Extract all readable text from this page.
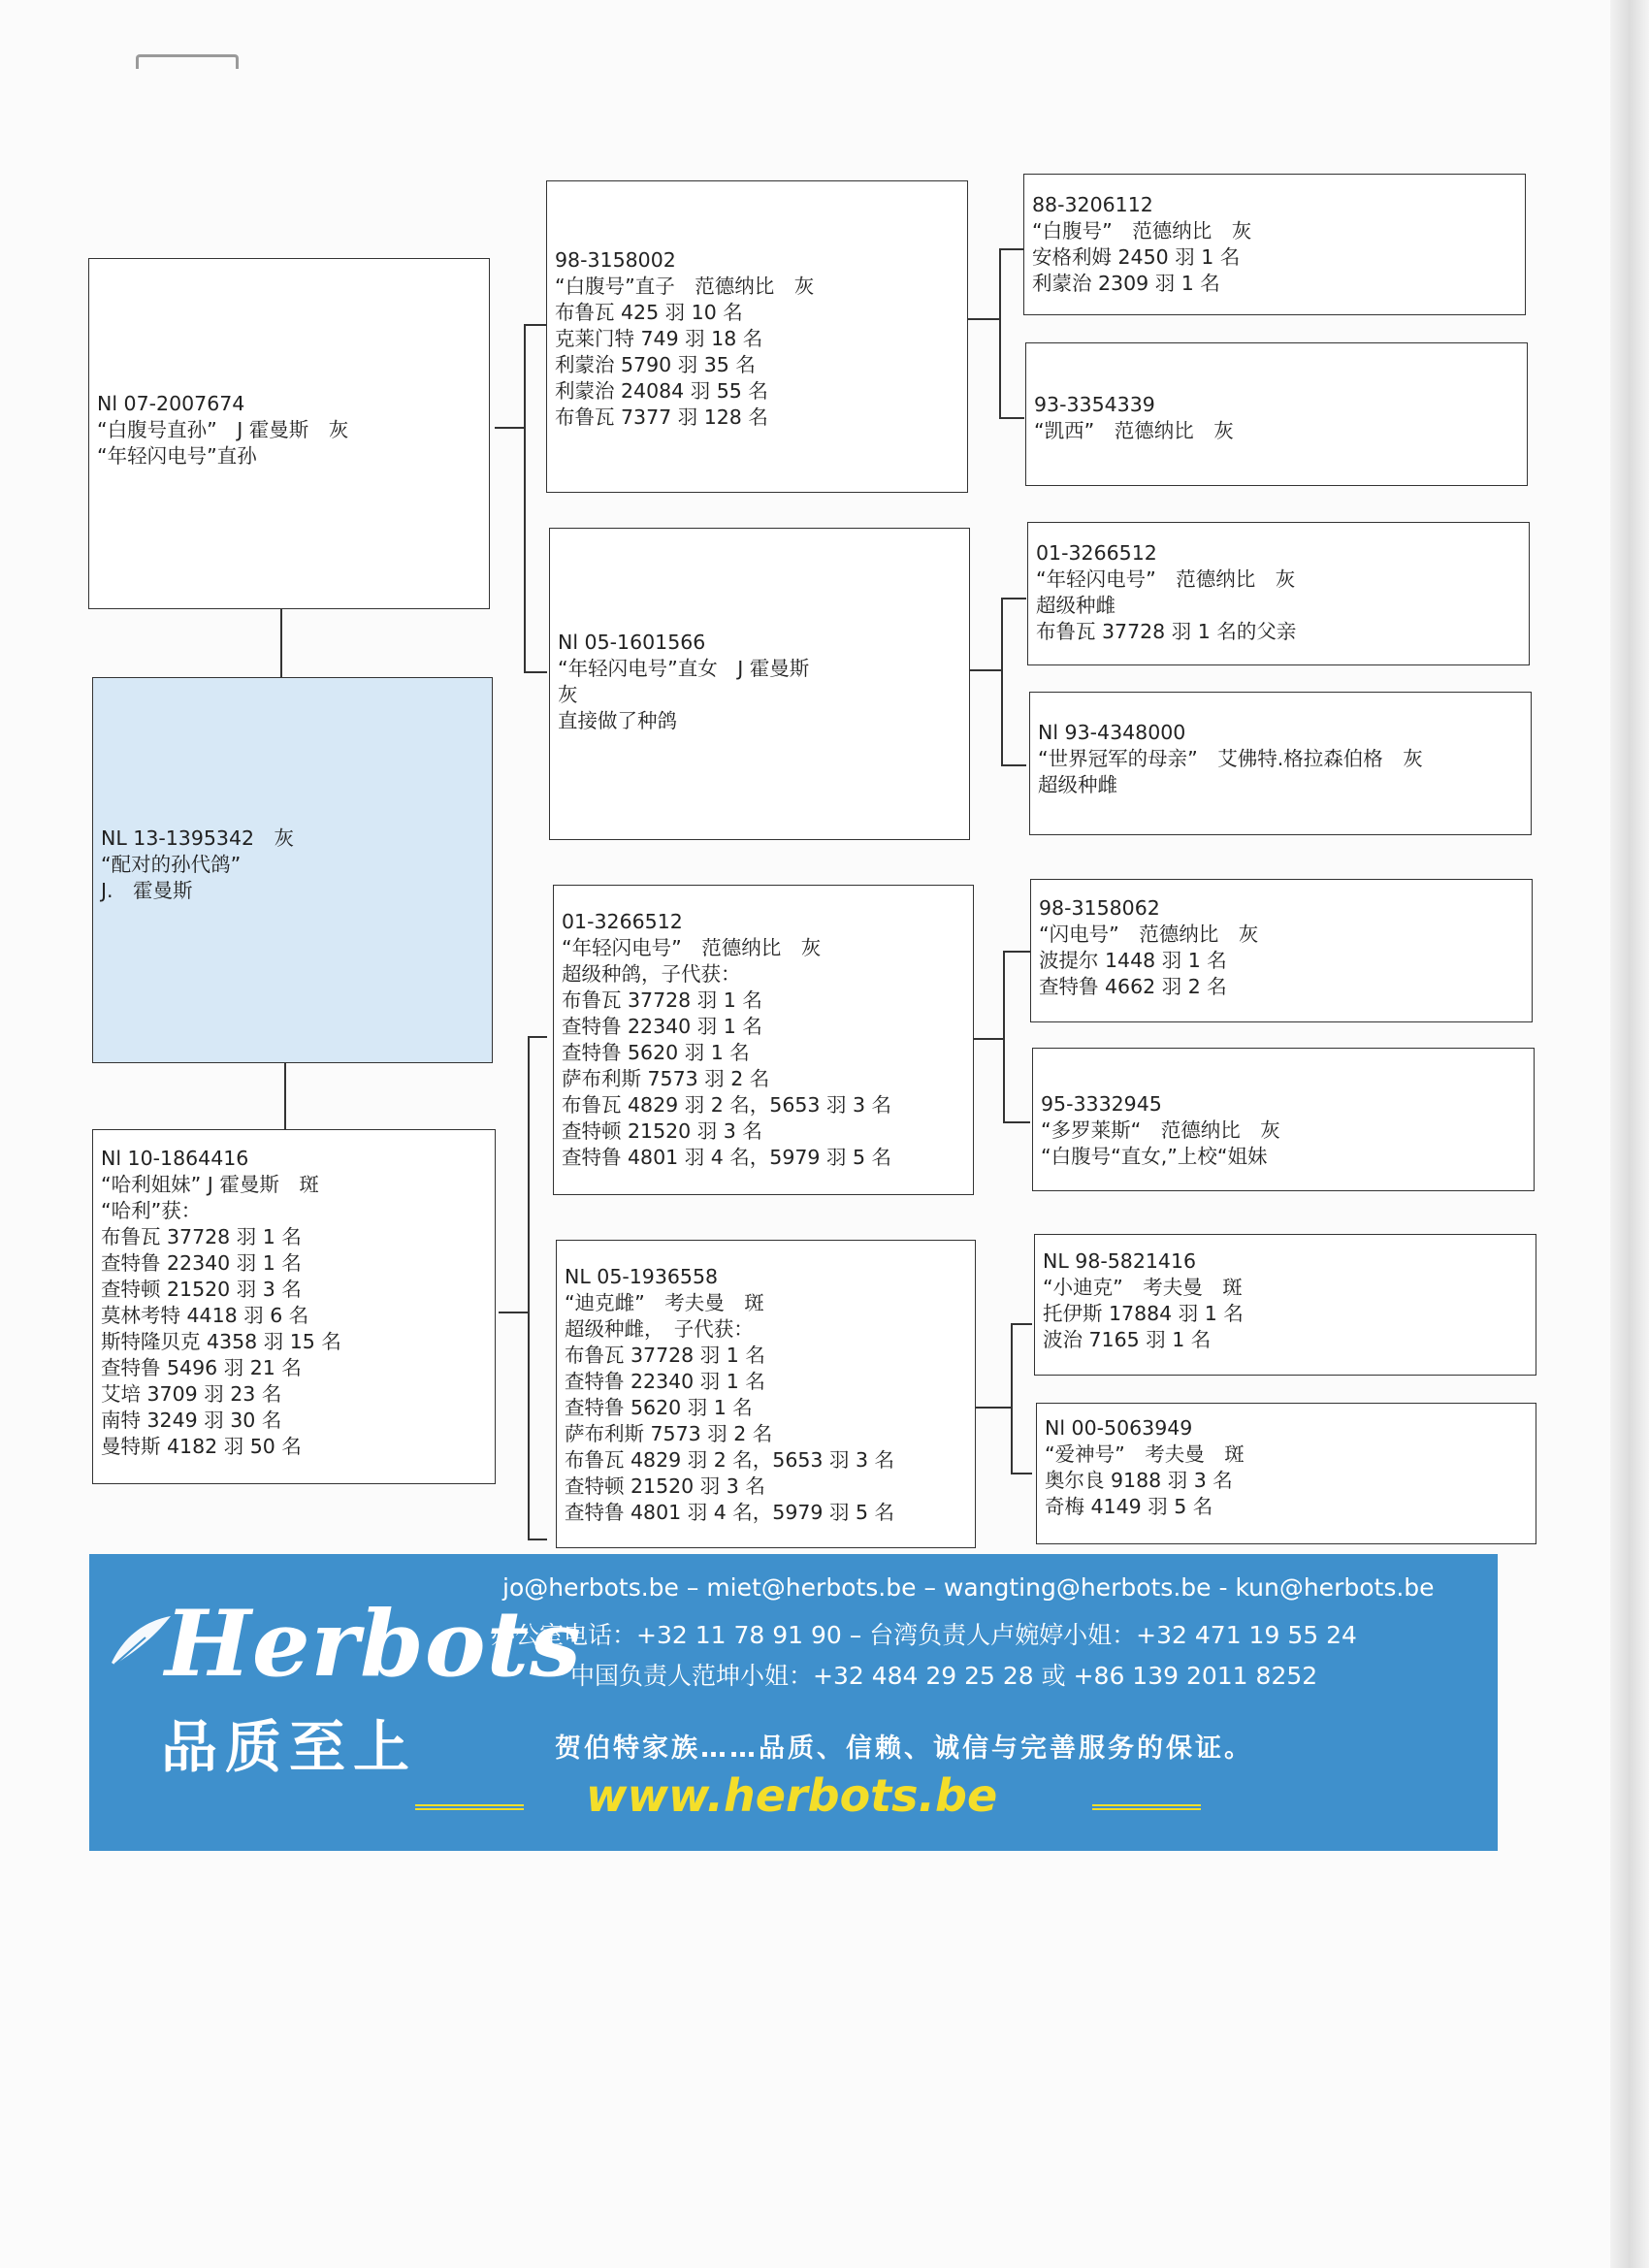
Nl 07-2007674
“白腹号直孙”　J 霍曼斯　灰
“年轻闪电号”直孙
NL 13-1395342　灰
“配对的孙代鸽”
J.　霍曼斯
Nl 10-1864416
“哈利姐妹” J 霍曼斯　斑
“哈利”获：
布鲁瓦 37728 羽 1 名
查特鲁 22340 羽 1 名
查特顿 21520 羽 3 名
莫林考特 4418 羽 6 名
斯特隆贝克 4358 羽 15 名
查特鲁 5496 羽 21 名
艾培 3709 羽 23 名
南特 3249 羽 30 名
曼特斯 4182 羽 50 名
98-3158002
“白腹号”直子　范德纳比　灰
布鲁瓦 425 羽 10 名
克莱门特 749 羽 18 名
利蒙治 5790 羽 35 名
利蒙治 24084 羽 55 名
布鲁瓦 7377 羽 128 名
Nl 05-1601566
“年轻闪电号”直女　J 霍曼斯
灰
直接做了种鸽
01-3266512
“年轻闪电号”　范德纳比　灰
超级种鸽，子代获：
布鲁瓦 37728 羽 1 名
查特鲁 22340 羽 1 名
查特鲁 5620 羽 1 名
萨布利斯 7573 羽 2 名
布鲁瓦 4829 羽 2 名，5653 羽 3 名
查特顿 21520 羽 3 名
查特鲁 4801 羽 4 名，5979 羽 5 名
NL 05-1936558
“迪克雌”　考夫曼　斑
超级种雌，　子代获：
布鲁瓦 37728 羽 1 名
查特鲁 22340 羽 1 名
查特鲁 5620 羽 1 名
萨布利斯 7573 羽 2 名
布鲁瓦 4829 羽 2 名，5653 羽 3 名
查特顿 21520 羽 3 名
查特鲁 4801 羽 4 名，5979 羽 5 名
88-3206112
“白腹号”　范德纳比　灰
安格利姆 2450 羽 1 名
利蒙治 2309 羽 1 名
93-3354339
“凯西”　范德纳比　灰
01-3266512
“年轻闪电号”　范德纳比　灰
超级种雌
布鲁瓦 37728 羽 1 名的父亲
Nl 93-4348000
“世界冠军的母亲”　艾佛特.格拉森伯格　灰
超级种雌
98-3158062
“闪电号”　范德纳比　灰
波提尔 1448 羽 1 名
查特鲁 4662 羽 2 名
95-3332945
“多罗莱斯“　范德纳比　灰
“白腹号“直女,”上校“姐妹
NL 98-5821416
“小迪克”　考夫曼　斑
托伊斯 17884 羽 1 名
波治 7165 羽 1 名
Nl 00-5063949
“爱神号”　考夫曼　斑
奥尔良 9188 羽 3 名
奇梅 4149 羽 5 名
Herbots
品质至上
jo@herbots.be – miet@herbots.be – wangting@herbots.be - kun@herbots.be
办公室电话：+32 11 78 91 90 – 台湾负责人卢婉婷小姐：+32 471 19 55 24
中国负责人范坤小姐：+32 484 29 25 28 或 +86 139 2011 8252
贺伯特家族……品质、信赖、诚信与完善服务的保证。
www.herbots.be
